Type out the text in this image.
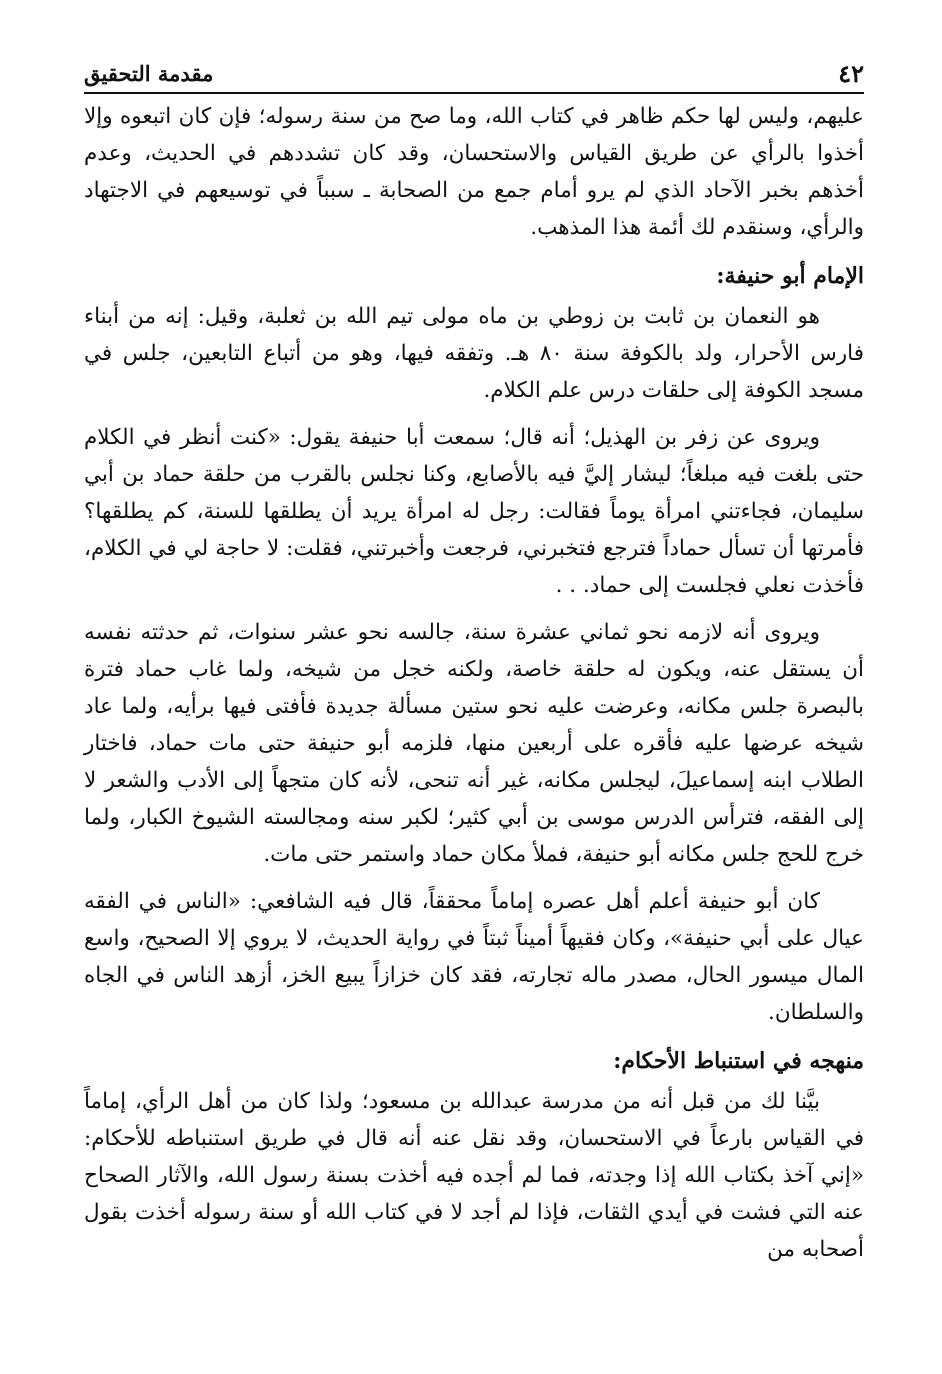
٤٢
مقدمة التحقيق

عليهم، وليس لها حكم ظاهر في كتاب الله، وما صح من سنة رسوله؛ فإن كان اتبعوه وإلا أخذوا بالرأي عن طريق القياس والاستحسان، وقد كان تشددهم في الحديث، وعدم أخذهم بخبر الآحاد الذي لم يرو أمام جمع من الصحابة ـ سبباً في توسيعهم في الاجتهاد والرأي، وسنقدم لك أئمة هذا المذهب.

الإمام أبو حنيفة:

هو النعمان بن ثابت بن زوطي بن ماه مولى تيم الله بن ثعلبة، وقيل: إنه من أبناء فارس الأحرار، ولد بالكوفة سنة ٨٠ هـ. وتفقه فيها، وهو من أتباع التابعين، جلس في مسجد الكوفة إلى حلقات درس علم الكلام.

ويروى عن زفر بن الهذيل؛ أنه قال؛ سمعت أبا حنيفة يقول: «كنت أنظر في الكلام حتى بلغت فيه مبلغاً؛ ليشار إليَّ فيه بالأصابع، وكنا نجلس بالقرب من حلقة حماد بن أبي سليمان، فجاءتني امرأة يوماً فقالت: رجل له امرأة يريد أن يطلقها للسنة، كم يطلقها؟ فأمرتها أن تسأل حماداً فترجع فتخبرني، فرجعت وأخبرتني، فقلت: لا حاجة لي في الكلام، فأخذت نعلي فجلست إلى حماد. . .

ويروى أنه لازمه نحو ثماني عشرة سنة، جالسه نحو عشر سنوات، ثم حدثته نفسه أن يستقل عنه، ويكون له حلقة خاصة، ولكنه خجل من شيخه، ولما غاب حماد فترة بالبصرة جلس مكانه، وعرضت عليه نحو ستين مسألة جديدة فأفتى فيها برأيه، ولما عاد شيخه عرضها عليه فأقره على أربعين منها، فلزمه أبو حنيفة حتى مات حماد، فاختار الطلاب ابنه إسماعيلَ، ليجلس مكانه، غير أنه تنحى، لأنه كان متجهاً إلى الأدب والشعر لا إلى الفقه، فترأس الدرس موسى بن أبي كثير؛ لكبر سنه ومجالسته الشيوخ الكبار، ولما خرج للحج جلس مكانه أبو حنيفة، فملأ مكان حماد واستمر حتى مات.

كان أبو حنيفة أعلم أهل عصره إماماً محققاً، قال فيه الشافعي: «الناس في الفقه عيال على أبي حنيفة»، وكان فقيهاً أميناً ثبتاً في رواية الحديث، لا يروي إلا الصحيح، واسع المال ميسور الحال، مصدر ماله تجارته، فقد كان خزازاً يبيع الخز، أزهد الناس في الجاه والسلطان.

منهجه في استنباط الأحكام:

بيَّنا لك من قبل أنه من مدرسة عبدالله بن مسعود؛ ولذا كان من أهل الرأي، إماماً في القياس بارعاً في الاستحسان، وقد نقل عنه أنه قال في طريق استنباطه للأحكام: «إني آخذ بكتاب الله إذا وجدته، فما لم أجده فيه أخذت بسنة رسول الله، والآثار الصحاح عنه التي فشت في أيدي الثقات، فإذا لم أجد لا في كتاب الله أو سنة رسوله أخذت بقول أصحابه من
